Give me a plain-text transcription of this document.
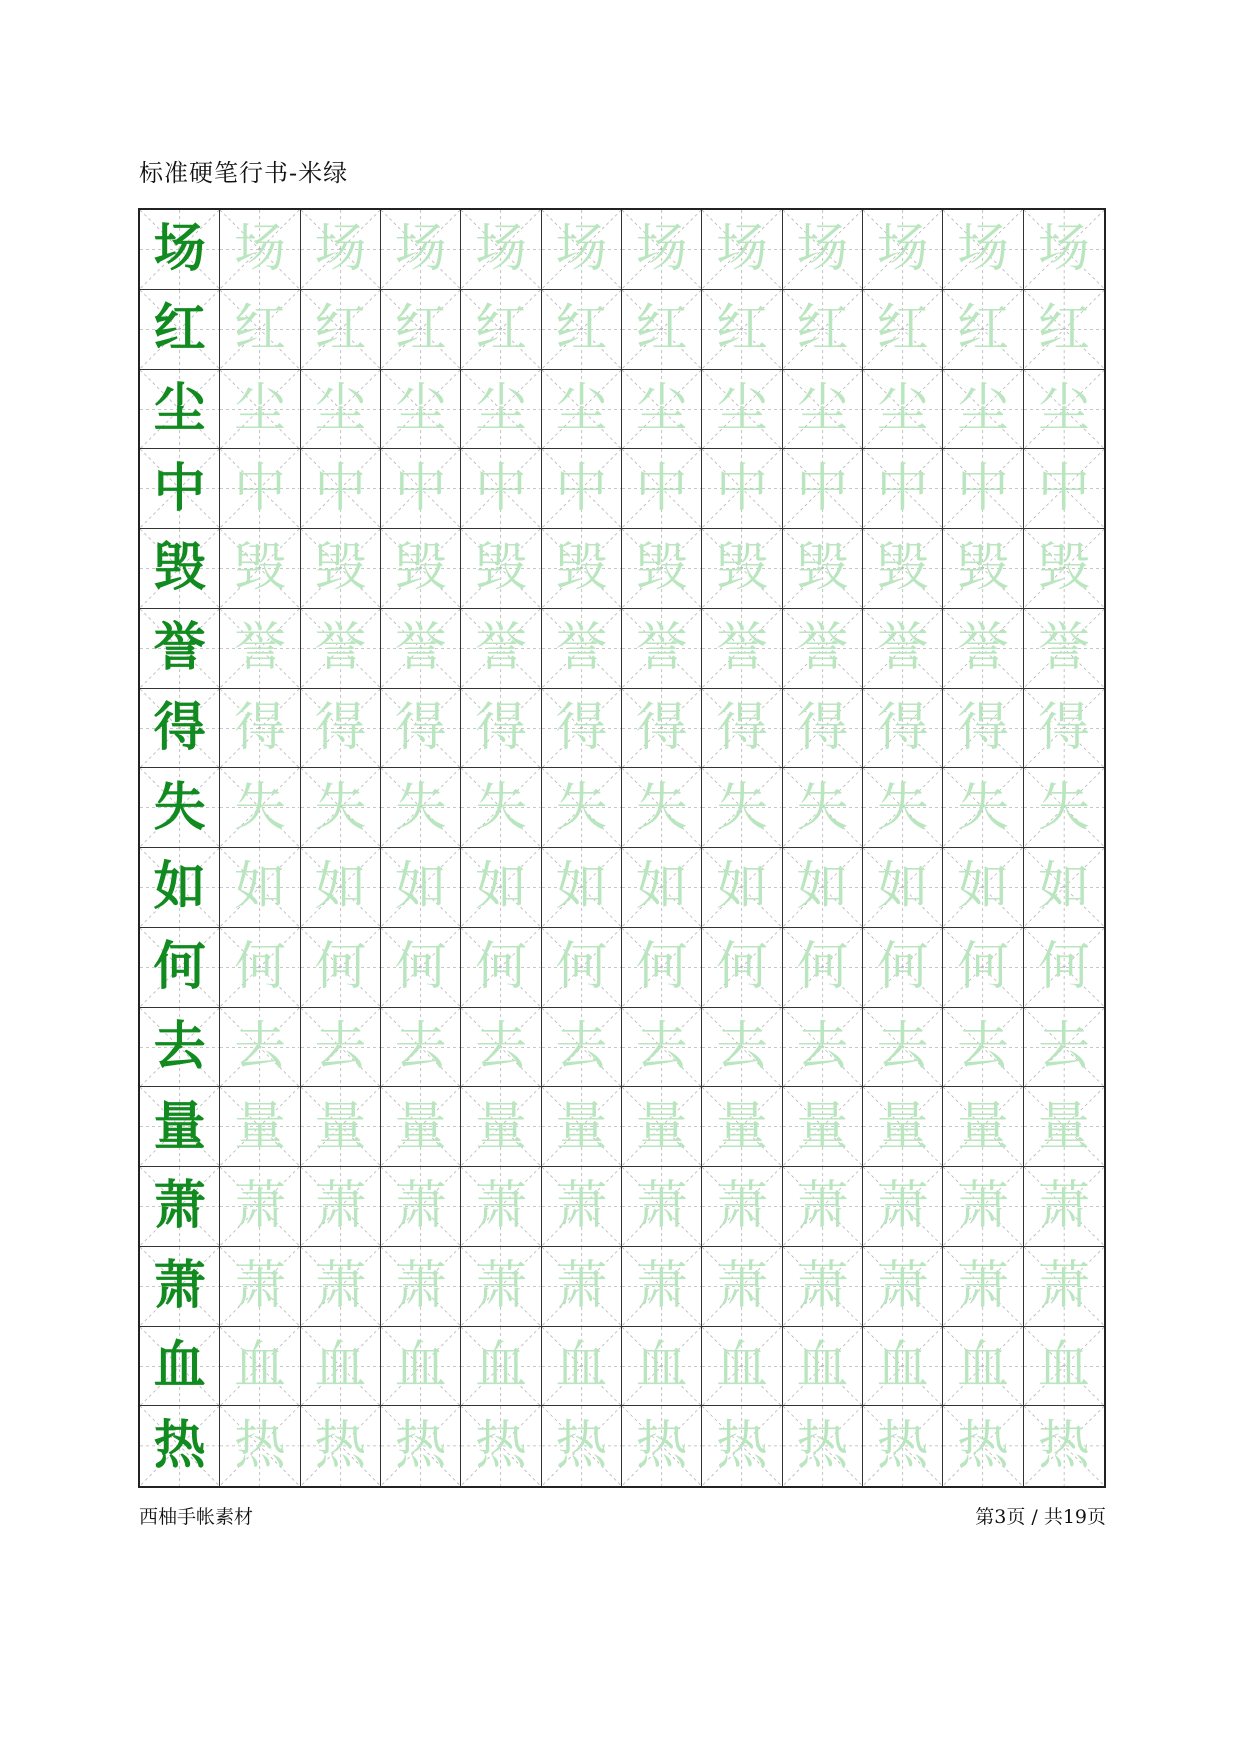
标准硬笔行书-米绿
场 场 场 场 场 场 场 场 场 场 场 场
红 红 红 红 红 红 红 红 红 红 红 红
尘 尘 尘 尘 尘 尘 尘 尘 尘 尘 尘 尘
中 中 中 中 中 中 中 中 中 中 中 中
毁 毁 毁 毁 毁 毁 毁 毁 毁 毁 毁 毁
誉 誉 誉 誉 誉 誉 誉 誉 誉 誉 誉 誉
得 得 得 得 得 得 得 得 得 得 得 得
失 失 失 失 失 失 失 失 失 失 失 失
如 如 如 如 如 如 如 如 如 如 如 如
何 何 何 何 何 何 何 何 何 何 何 何
去 去 去 去 去 去 去 去 去 去 去 去
量 量 量 量 量 量 量 量 量 量 量 量
萧 萧 萧 萧 萧 萧 萧 萧 萧 萧 萧 萧
萧 萧 萧 萧 萧 萧 萧 萧 萧 萧 萧 萧
血 血 血 血 血 血 血 血 血 血 血 血
热 热 热 热 热 热 热 热 热 热 热 热
西柚手帐素材	第3页 / 共19页
